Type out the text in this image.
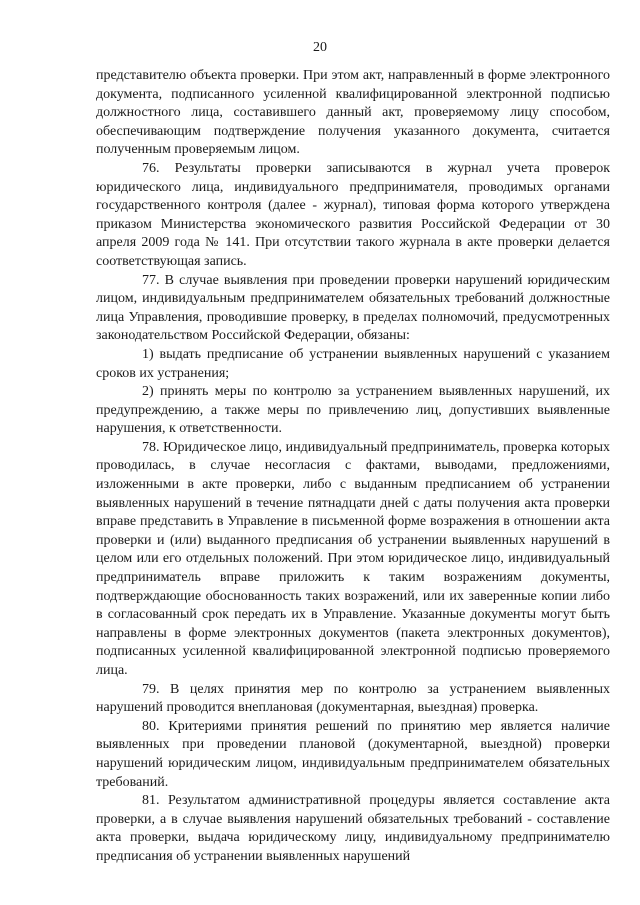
20

представителю объекта проверки. При этом акт, направленный в форме электронного документа, подписанного усиленной квалифицированной электронной подписью должностного лица, составившего данный акт, проверяемому лицу способом, обеспечивающим подтверждение получения указанного документа, считается полученным проверяемым лицом.

76. Результаты проверки записываются в журнал учета проверок юридического лица, индивидуального предпринимателя, проводимых органами государственного контроля (далее - журнал), типовая форма которого утверждена приказом Министерства экономического развития Российской Федерации от 30 апреля 2009 года № 141. При отсутствии такого журнала в акте проверки делается соответствующая запись.

77. В случае выявления при проведении проверки нарушений юридическим лицом, индивидуальным предпринимателем обязательных требований должностные лица Управления, проводившие проверку, в пределах полномочий, предусмотренных законодательством Российской Федерации, обязаны:

1) выдать предписание об устранении выявленных нарушений с указанием сроков их устранения;

2) принять меры по контролю за устранением выявленных нарушений, их предупреждению, а также меры по привлечению лиц, допустивших выявленные нарушения, к ответственности.

78. Юридическое лицо, индивидуальный предприниматель, проверка которых проводилась, в случае несогласия с фактами, выводами, предложениями, изложенными в акте проверки, либо с выданным предписанием об устранении выявленных нарушений в течение пятнадцати дней с даты получения акта проверки вправе представить в Управление в письменной форме возражения в отношении акта проверки и (или) выданного предписания об устранении выявленных нарушений в целом или его отдельных положений. При этом юридическое лицо, индивидуальный предприниматель вправе приложить к таким возражениям документы, подтверждающие обоснованность таких возражений, или их заверенные копии либо в согласованный срок передать их в Управление. Указанные документы могут быть направлены в форме электронных документов (пакета электронных документов), подписанных усиленной квалифицированной электронной подписью проверяемого лица.

79. В целях принятия мер по контролю за устранением выявленных нарушений проводится внеплановая (документарная, выездная) проверка.

80. Критериями принятия решений по принятию мер является наличие выявленных при проведении плановой (документарной, выездной) проверки нарушений юридическим лицом, индивидуальным предпринимателем обязательных требований.

81. Результатом административной процедуры является составление акта проверки, а в случае выявления нарушений обязательных требований - составление акта проверки, выдача юридическому лицу, индивидуальному предпринимателю предписания об устранении выявленных нарушений
